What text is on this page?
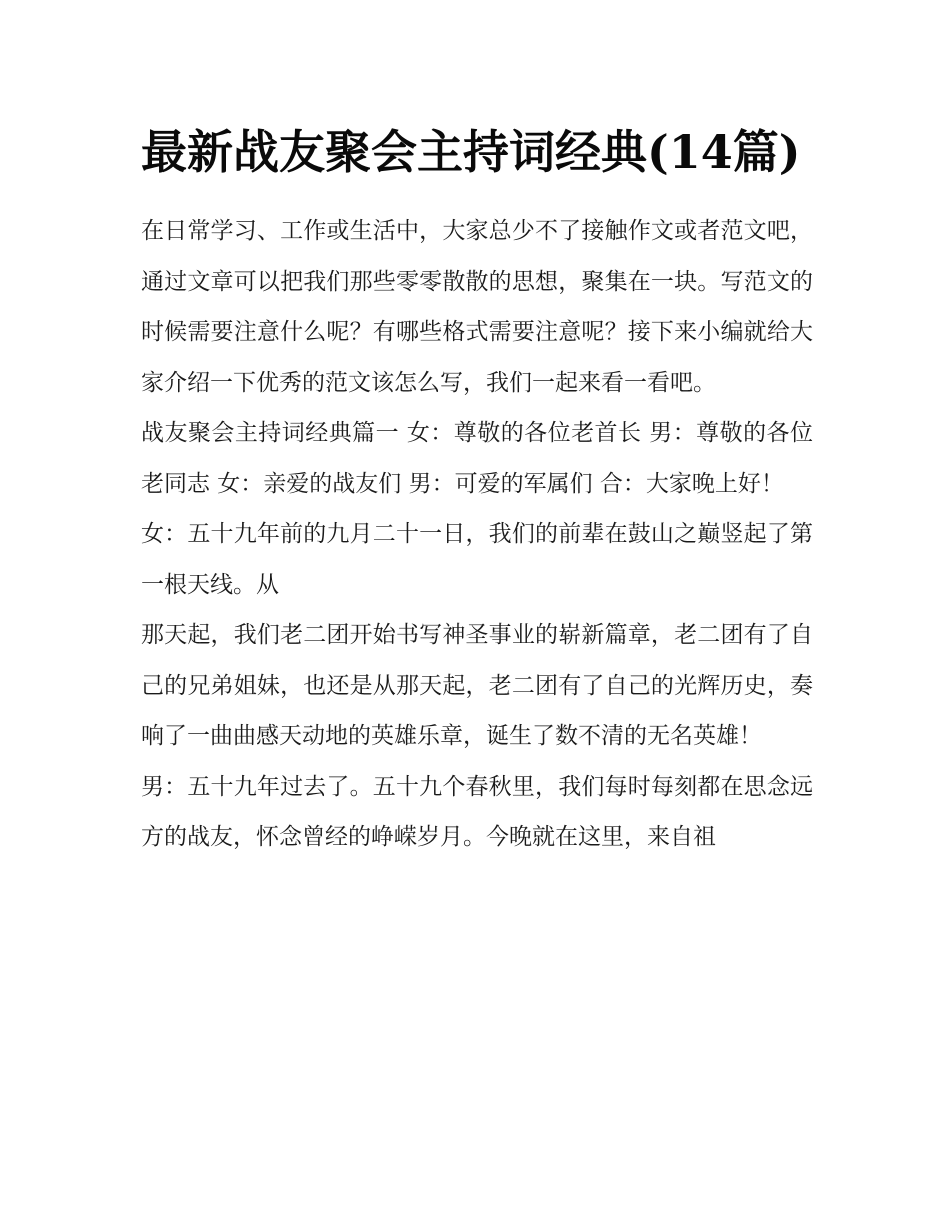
最新战友聚会主持词经典(14篇)

在日常学习、工作或生活中，大家总少不了接触作文或者范文吧，通过文章可以把我们那些零零散散的思想，聚集在一块。写范文的时候需要注意什么呢？有哪些格式需要注意呢？接下来小编就给大家介绍一下优秀的范文该怎么写，我们一起来看一看吧。

战友聚会主持词经典篇一 女：尊敬的各位老首长 男：尊敬的各位老同志 女：亲爱的战友们 男：可爱的军属们 合：大家晚上好！

女：五十九年前的九月二十一日，我们的前辈在鼓山之巅竖起了第一根天线。从

那天起，我们老二团开始书写神圣事业的崭新篇章，老二团有了自己的兄弟姐妹，也还是从那天起，老二团有了自己的光辉历史，奏响了一曲曲感天动地的英雄乐章，诞生了数不清的无名英雄！

男：五十九年过去了。五十九个春秋里，我们每时每刻都在思念远方的战友，怀念曾经的峥嵘岁月。今晚就在这里，来自祖
